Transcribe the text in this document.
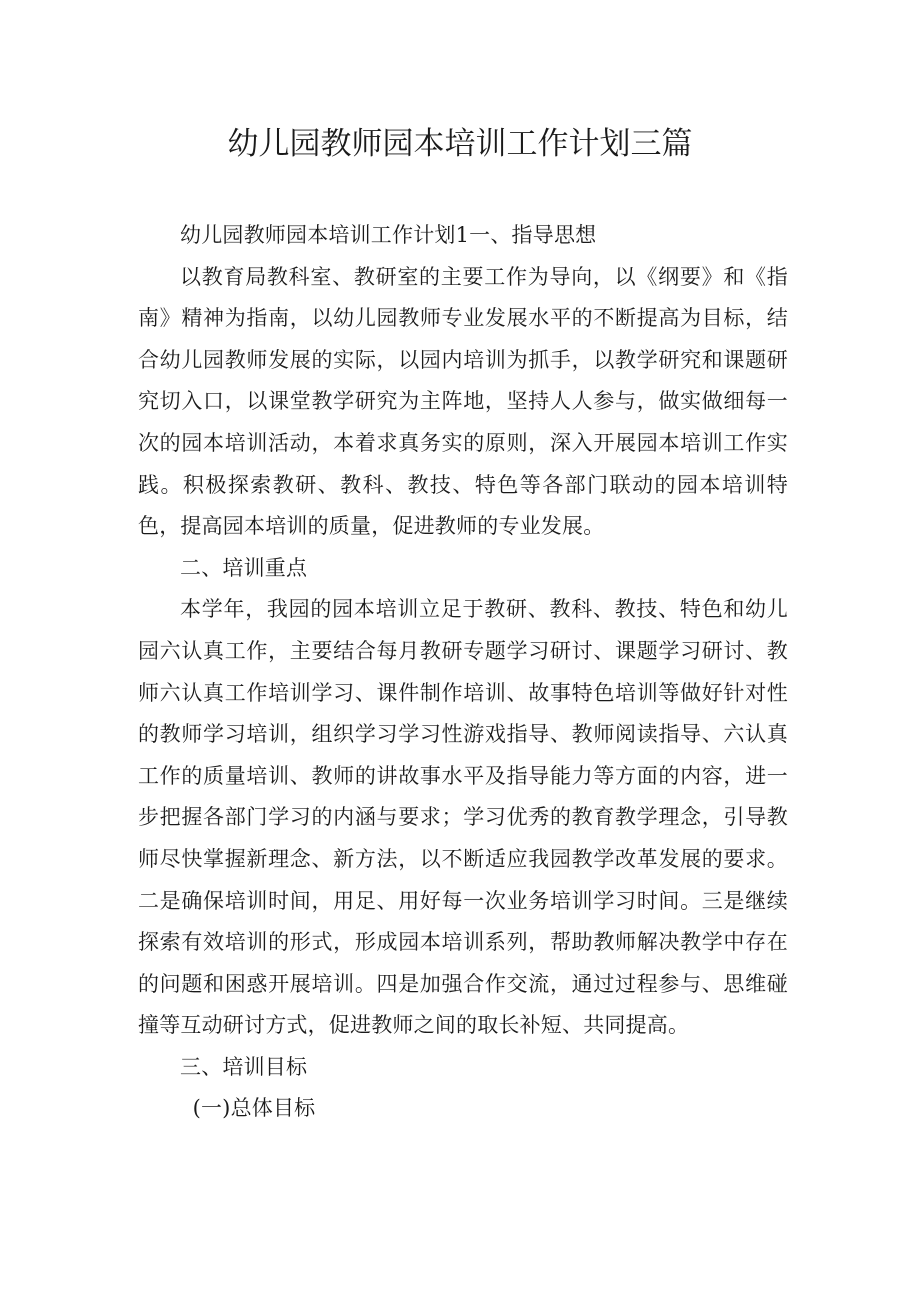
幼儿园教师园本培训工作计划三篇

幼儿园教师园本培训工作计划1一、指导思想

以教育局教科室、教研室的主要工作为导向，以《纲要》和《指南》精神为指南，以幼儿园教师专业发展水平的不断提高为目标，结合幼儿园教师发展的实际，以园内培训为抓手，以教学研究和课题研究切入口，以课堂教学研究为主阵地，坚持人人参与，做实做细每一次的园本培训活动，本着求真务实的原则，深入开展园本培训工作实践。积极探索教研、教科、教技、特色等各部门联动的园本培训特色，提高园本培训的质量，促进教师的专业发展。

二、培训重点

本学年，我园的园本培训立足于教研、教科、教技、特色和幼儿园六认真工作，主要结合每月教研专题学习研讨、课题学习研讨、教师六认真工作培训学习、课件制作培训、故事特色培训等做好针对性的教师学习培训，组织学习学习性游戏指导、教师阅读指导、六认真工作的质量培训、教师的讲故事水平及指导能力等方面的内容，进一步把握各部门学习的内涵与要求；学习优秀的教育教学理念，引导教师尽快掌握新理念、新方法，以不断适应我园教学改革发展的要求。二是确保培训时间，用足、用好每一次业务培训学习时间。三是继续探索有效培训的形式，形成园本培训系列，帮助教师解决教学中存在的问题和困惑开展培训。四是加强合作交流，通过过程参与、思维碰撞等互动研讨方式，促进教师之间的取长补短、共同提高。

三、培训目标

(一)总体目标
